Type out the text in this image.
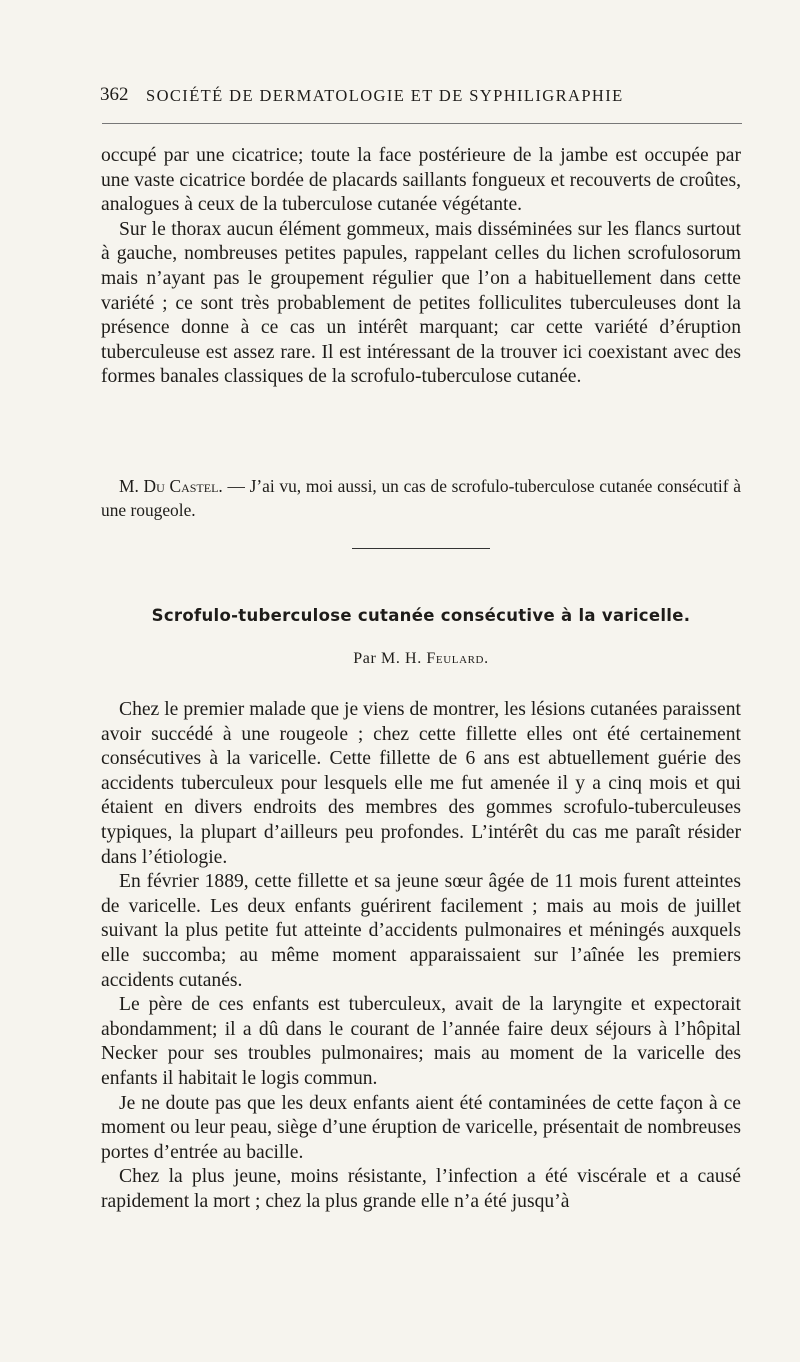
362 SOCIÉTÉ DE DERMATOLOGIE ET DE SYPHILIGRAPHIE

occupé par une cicatrice; toute la face postérieure de la jambe est occupée par une vaste cicatrice bordée de placards saillants fongueux et recouverts de croûtes, analogues à ceux de la tuberculose cutanée végétante.

Sur le thorax aucun élément gommeux, mais disséminées sur les flancs surtout à gauche, nombreuses petites papules, rappelant celles du lichen scrofulosorum mais n’ayant pas le groupement régulier que l’on a habituellement dans cette variété ; ce sont très probablement de petites folliculites tuberculeuses dont la présence donne à ce cas un intérêt marquant; car cette variété d’éruption tuberculeuse est assez rare. Il est intéressant de la trouver ici coexistant avec des formes banales classiques de la scrofulo-tuberculose cutanée.

M. Du Castel. — J’ai vu, moi aussi, un cas de scrofulo-tuberculose cutanée consécutif à une rougeole.

Scrofulo-tuberculose cutanée consécutive à la varicelle.
Par M. H. Feulard.

Chez le premier malade que je viens de montrer, les lésions cutanées paraissent avoir succédé à une rougeole ; chez cette fillette elles ont été certainement consécutives à la varicelle. Cette fillette de 6 ans est abtuellement guérie des accidents tuberculeux pour lesquels elle me fut amenée il y a cinq mois et qui étaient en divers endroits des membres des gommes scrofulo-tuberculeuses typiques, la plupart d’ailleurs peu profondes. L’intérêt du cas me paraît résider dans l’étiologie.

En février 1889, cette fillette et sa jeune sœur âgée de 11 mois furent atteintes de varicelle. Les deux enfants guérirent facilement ; mais au mois de juillet suivant la plus petite fut atteinte d’accidents pulmonaires et méningés auxquels elle succomba; au même moment apparaissaient sur l’aînée les premiers accidents cutanés.

Le père de ces enfants est tuberculeux, avait de la laryngite et expectorait abondamment; il a dû dans le courant de l’année faire deux séjours à l’hôpital Necker pour ses troubles pulmonaires; mais au moment de la varicelle des enfants il habitait le logis commun.

Je ne doute pas que les deux enfants aient été contaminées de cette façon à ce moment ou leur peau, siège d’une éruption de varicelle, présentait de nombreuses portes d’entrée au bacille.

Chez la plus jeune, moins résistante, l’infection a été viscérale et a causé rapidement la mort ; chez la plus grande elle n’a été jusqu’à
